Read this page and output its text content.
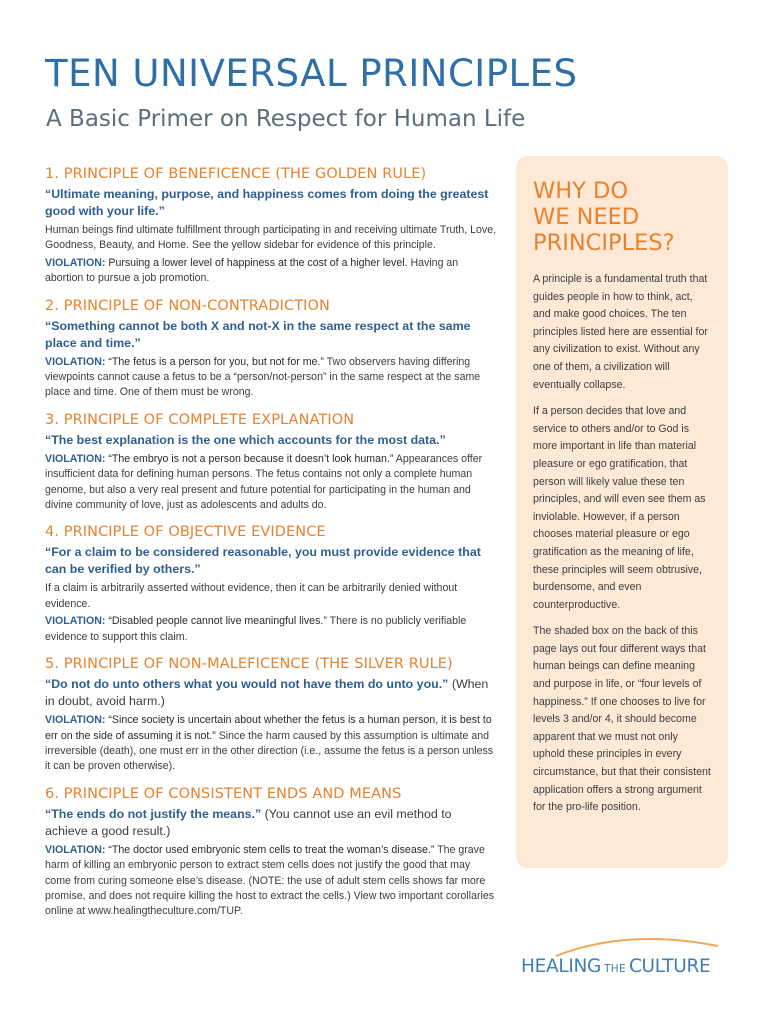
TEN UNIVERSAL PRINCIPLES
A Basic Primer on Respect for Human Life
1. PRINCIPLE OF BENEFICENCE (THE GOLDEN RULE)
“Ultimate meaning, purpose, and happiness comes from doing the greatest good with your life.”
Human beings find ultimate fulfillment through participating in and receiving ultimate Truth, Love, Goodness, Beauty, and Home. See the yellow sidebar for evidence of this principle.
VIOLATION: Pursuing a lower level of happiness at the cost of a higher level. Having an abortion to pursue a job promotion.
2. PRINCIPLE OF NON-CONTRADICTION
“Something cannot be both X and not-X in the same respect at the same place and time.”
VIOLATION: “The fetus is a person for you, but not for me.” Two observers having differing viewpoints cannot cause a fetus to be a “person/not-person” in the same respect at the same place and time. One of them must be wrong.
3. PRINCIPLE OF COMPLETE EXPLANATION
“The best explanation is the one which accounts for the most data.”
VIOLATION: “The embryo is not a person because it doesn’t look human.” Appearances offer insufficient data for defining human persons. The fetus contains not only a complete human genome, but also a very real present and future potential for participating in the human and divine community of love, just as adolescents and adults do.
4. PRINCIPLE OF OBJECTIVE EVIDENCE
“For a claim to be considered reasonable, you must provide evidence that can be verified by others.”
If a claim is arbitrarily asserted without evidence, then it can be arbitrarily denied without evidence.
VIOLATION: “Disabled people cannot live meaningful lives.” There is no publicly verifiable evidence to support this claim.
5. PRINCIPLE OF NON-MALEFICENCE (THE SILVER RULE)
“Do not do unto others what you would not have them do unto you.” (When in doubt, avoid harm.)
VIOLATION: “Since society is uncertain about whether the fetus is a human person, it is best to err on the side of assuming it is not.” Since the harm caused by this assumption is ultimate and irreversible (death), one must err in the other direction (i.e., assume the fetus is a person unless it can be proven otherwise).
6. PRINCIPLE OF CONSISTENT ENDS AND MEANS
“The ends do not justify the means.” (You cannot use an evil method to achieve a good result.)
VIOLATION: “The doctor used embryonic stem cells to treat the woman’s disease.” The grave harm of killing an embryonic person to extract stem cells does not justify the good that may come from curing someone else’s disease. (NOTE: the use of adult stem cells shows far more promise, and does not require killing the host to extract the cells.) View two important corollaries online at www.healingtheculture.com/TUP.
WHY DO
WE NEED
PRINCIPLES?

A principle is a fundamental truth that guides people in how to think, act, and make good choices. The ten principles listed here are essential for any civilization to exist. Without any one of them, a civilization will eventually collapse.

If a person decides that love and service to others and/or to God is more important in life than material pleasure or ego gratification, that person will likely value these ten principles, and will even see them as inviolable. However, if a person chooses material pleasure or ego gratification as the meaning of life, these principles will seem obtrusive, burdensome, and even counterproductive.

The shaded box on the back of this page lays out four different ways that human beings can define meaning and purpose in life, or “four levels of happiness.” If one chooses to live for levels 3 and/or 4, it should become apparent that we must not only uphold these principles in every circumstance, but that their consistent application offers a strong argument for the pro-life position.

HEALING THE CULTURE
